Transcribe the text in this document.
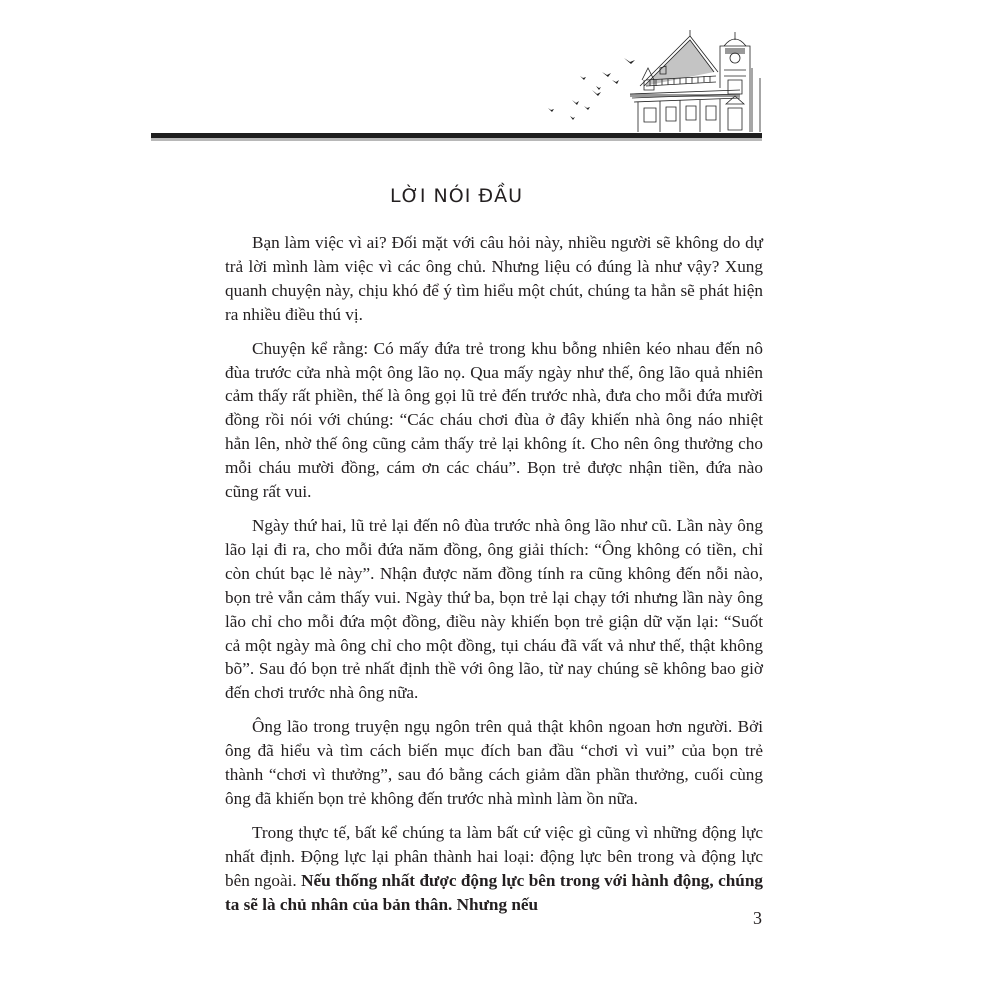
LỜI NÓI ĐẦU

Bạn làm việc vì ai? Đối mặt với câu hỏi này, nhiều người sẽ không do dự trả lời mình làm việc vì các ông chủ. Nhưng liệu có đúng là như vậy? Xung quanh chuyện này, chịu khó để ý tìm hiểu một chút, chúng ta hẳn sẽ phát hiện ra nhiều điều thú vị.

Chuyện kể rằng: Có mấy đứa trẻ trong khu bỗng nhiên kéo nhau đến nô đùa trước cửa nhà một ông lão nọ. Qua mấy ngày như thế, ông lão quả nhiên cảm thấy rất phiền, thế là ông gọi lũ trẻ đến trước nhà, đưa cho mỗi đứa mười đồng rồi nói với chúng: “Các cháu chơi đùa ở đây khiến nhà ông náo nhiệt hẳn lên, nhờ thế ông cũng cảm thấy trẻ lại không ít. Cho nên ông thưởng cho mỗi cháu mười đồng, cám ơn các cháu”. Bọn trẻ được nhận tiền, đứa nào cũng rất vui.

Ngày thứ hai, lũ trẻ lại đến nô đùa trước nhà ông lão như cũ. Lần này ông lão lại đi ra, cho mỗi đứa năm đồng, ông giải thích: “Ông không có tiền, chỉ còn chút bạc lẻ này”. Nhận được năm đồng tính ra cũng không đến nỗi nào, bọn trẻ vẫn cảm thấy vui. Ngày thứ ba, bọn trẻ lại chạy tới nhưng lần này ông lão chỉ cho mỗi đứa một đồng, điều này khiến bọn trẻ giận dữ vặn lại: “Suốt cả một ngày mà ông chỉ cho một đồng, tụi cháu đã vất vả như thế, thật không bõ”. Sau đó bọn trẻ nhất định thề với ông lão, từ nay chúng sẽ không bao giờ đến chơi trước nhà ông nữa.

Ông lão trong truyện ngụ ngôn trên quả thật khôn ngoan hơn người. Bởi ông đã hiểu và tìm cách biến mục đích ban đầu “chơi vì vui” của bọn trẻ thành “chơi vì thưởng”, sau đó bằng cách giảm dần phần thưởng, cuối cùng ông đã khiến bọn trẻ không đến trước nhà mình làm ồn nữa.

Trong thực tế, bất kể chúng ta làm bất cứ việc gì cũng vì những động lực nhất định. Động lực lại phân thành hai loại: động lực bên trong và động lực bên ngoài. Nếu thống nhất được động lực bên trong với hành động, chúng ta sẽ là chủ nhân của bản thân. Nhưng nếu

3
